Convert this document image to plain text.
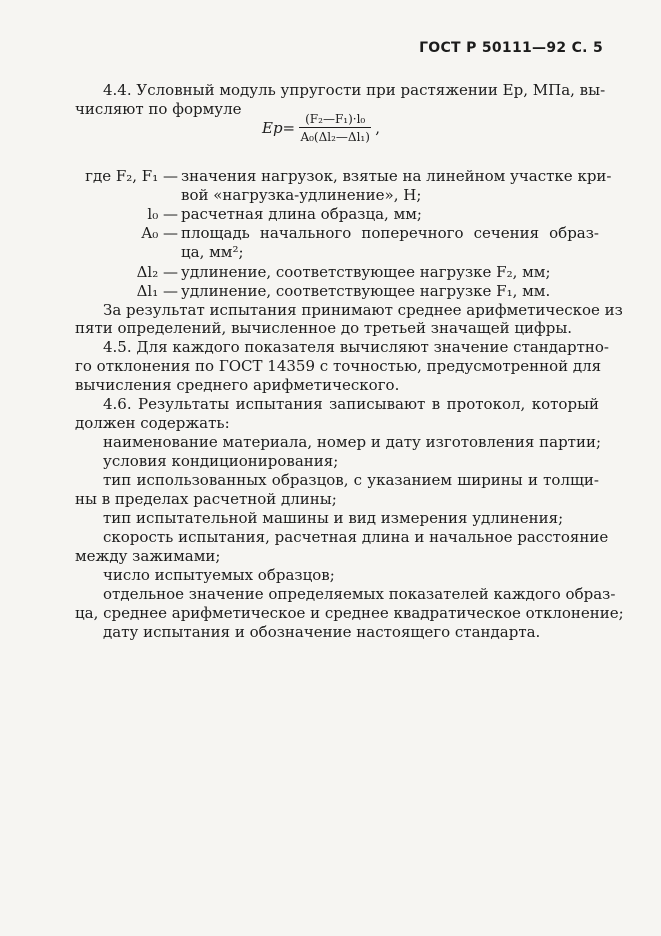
ГОСТ Р 50111—92 С. 5
4.4. Условный модуль упругости при растяжении Eр, МПа, вы-
числяют по формуле
$Ep= \frac{\text{(F₂—F₁)·l₀}}{\text{A₀(Δl₂—Δl₁)}}$ ,
где F₂, F₁ — значения нагрузок, взятые на линейном участке кри-
вой «нагрузка-удлинение», Н;
l₀ — расчетная длина образца, мм;
A₀ — площадь начального поперечного сечения образ-
ца, мм²;
Δl₂ — удлинение, соответствующее нагрузке F₂, мм;
Δl₁ — удлинение, соответствующее нагрузке F₁, мм.
За результат испытания принимают среднее арифметическое из
пяти определений, вычисленное до третьей значащей цифры.
4.5. Для каждого показателя вычисляют значение стандартно-
го отклонения по ГОСТ 14359 с точностью, предусмотренной для
вычисления среднего арифметического.
4.6. Результаты испытания записывают в протокол, который
должен содержать:
наименование материала, номер и дату изготовления партии;
условия кондиционирования;
тип использованных образцов, с указанием ширины и толщи-
ны в пределах расчетной длины;
тип испытательной машины и вид измерения удлинения;
скорость испытания, расчетная длина и начальное расстояние
между зажимами;
число испытуемых образцов;
отдельное значение определяемых показателей каждого образ-
ца, среднее арифметическое и среднее квадратическое отклонение;
дату испытания и обозначение настоящего стандарта.
